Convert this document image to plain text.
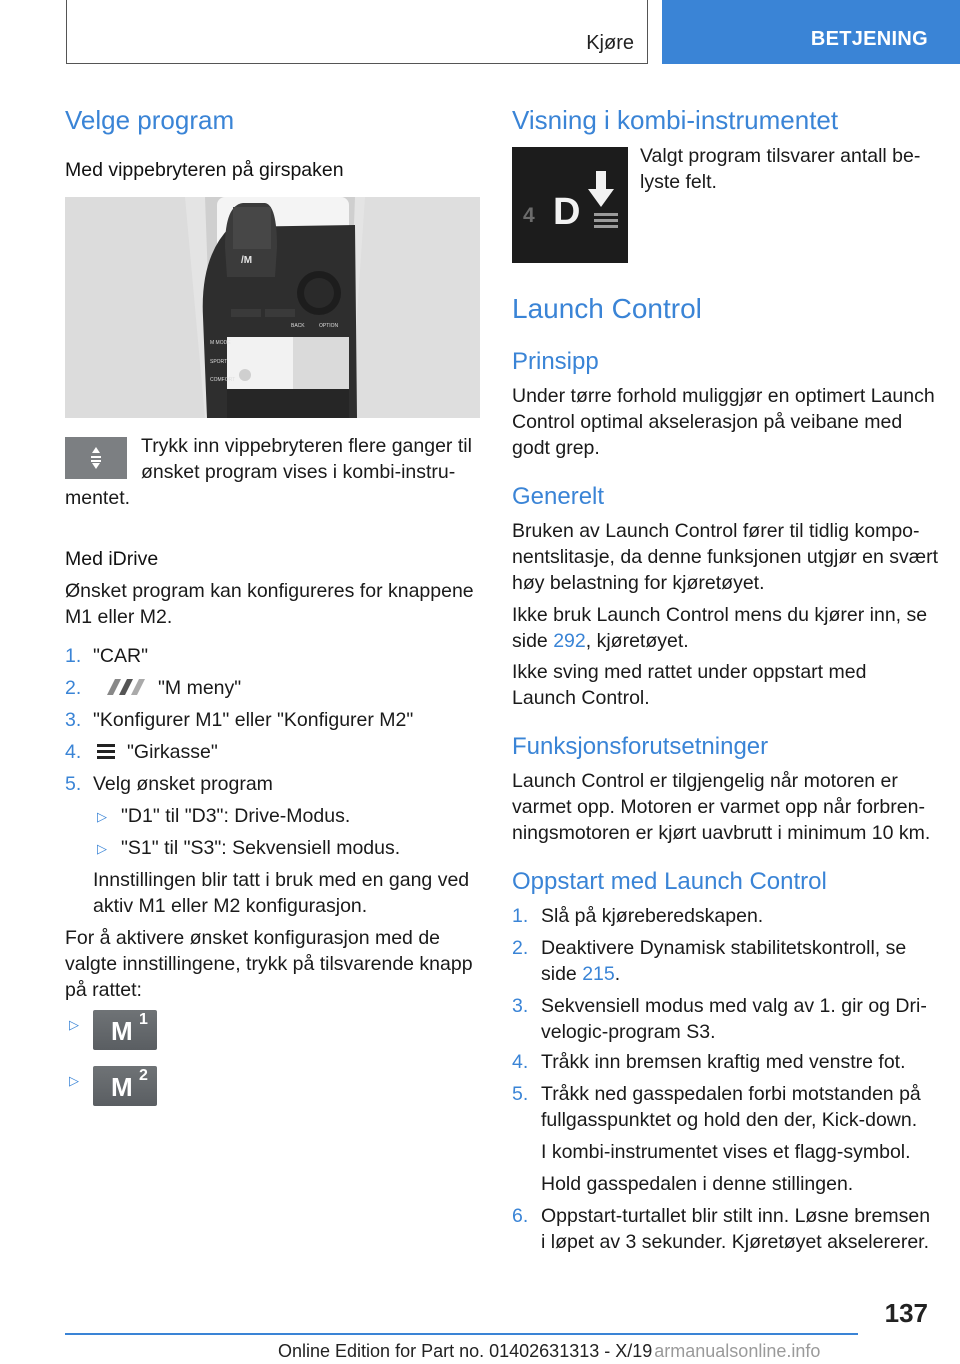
Kjøre	BETJENING
Velge program
Med vippebryteren på girspaken
/M
M MODE
SPORT
COMFORT
BACK	OPTION
Trykk inn vippebryteren flere ganger til
ønsket program vises i kombi-instru-
mentet.
Med iDrive
Ønsket program kan konfigureres for knappene
M1 eller M2.
1. "CAR"
2.	"M meny"
3. "Konfigurer M1" eller "Konfigurer M2"
4. "Girkasse"
5. Velg ønsket program
▷ "D1" til "D3": Drive-Modus.
▷ "S1" til "S3": Sekvensiell modus.
Innstillingen blir tatt i bruk med en gang ved
aktiv M1 eller M2 konfigurasjon.
For å aktivere ønsket konfigurasjon med de
valgte innstillingene, trykk på tilsvarende knapp
på rattet:
▷ M 1
▷ M 2
Visning i kombi-instrumentet
4 D
Valgt program tilsvarer antall be-
lyste felt.
Launch Control
Prinsipp
Under tørre forhold muliggjør en optimert Launch
Control optimal akselerasjon på veibane med
godt grep.
Generelt
Bruken av Launch Control fører til tidlig kompo-
nentslitasje, da denne funksjonen utgjør en svært
høy belastning for kjøretøyet.
Ikke bruk Launch Control mens du kjører inn, se
side 292, kjøretøyet.
Ikke sving med rattet under oppstart med
Launch Control.
Funksjonsforutsetninger
Launch Control er tilgjengelig når motoren er
varmet opp. Motoren er varmet opp når forbren-
ningsmotoren er kjørt uavbrutt i minimum 10 km.
Oppstart med Launch Control
1. Slå på kjøreberedskapen.
2. Deaktivere Dynamisk stabilitetskontroll, se
side 215.
3. Sekvensiell modus med valg av 1. gir og Dri-
velogic-program S3.
4. Tråkk inn bremsen kraftig med venstre fot.
5. Tråkk ned gasspedalen forbi motstanden på
fullgasspunktet og hold den der, Kick-down.
I kombi-instrumentet vises et flagg-symbol.
Hold gasspedalen i denne stillingen.
6. Oppstart-turtallet blir stilt inn. Løsne bremsen
i løpet av 3 sekunder. Kjøretøyet akselererer.
137
Online Edition for Part no. 01402631313 - X/19 armanualsonline.info
